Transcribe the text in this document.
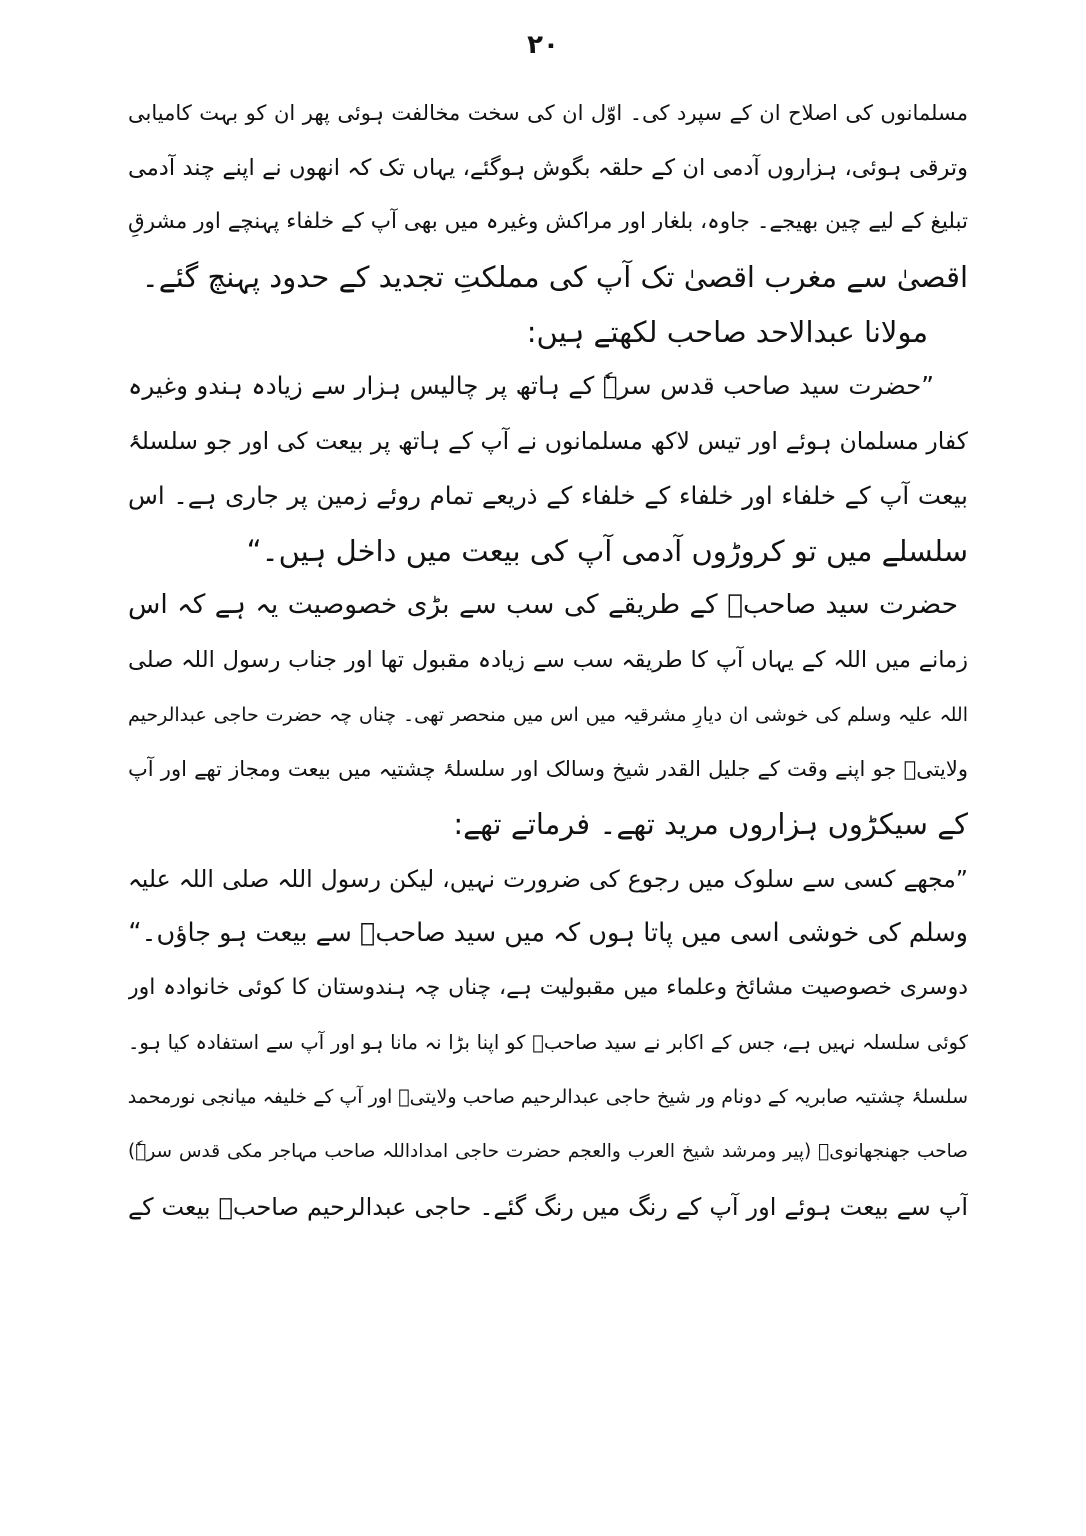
۲۰
مسلمانوں کی اصلاح ان کے سپرد کی۔ اوّل ان کی سخت مخالفت ہوئی پھر ان کو بہت کامیابی
وترقی ہوئی، ہزاروں آدمی ان کے حلقہ بگوش ہوگئے، یہاں تک کہ انھوں نے اپنے چند آدمی
تبلیغ کے لیے چین بھیجے۔ جاوہ، بلغار اور مراکش وغیرہ میں بھی آپ کے خلفاء پہنچے اور مشرقِ
اقصیٰ سے مغرب اقصیٰ تک آپ کی مملکتِ تجدید کے حدود پہنچ گئے۔
مولانا عبدالاحد صاحب لکھتے ہیں:
”حضرت سید صاحب قدس سرہٗ کے ہاتھ پر چالیس ہزار سے زیادہ ہندو وغیرہ
کفار مسلمان ہوئے اور تیس لاکھ مسلمانوں نے آپ کے ہاتھ پر بیعت کی اور جو سلسلۂ
بیعت آپ کے خلفاء اور خلفاء کے خلفاء کے ذریعے تمام روئے زمین پر جاری ہے۔ اس
سلسلے میں تو کروڑوں آدمی آپ کی بیعت میں داخل ہیں۔“
حضرت سید صاحبؒ کے طریقے کی سب سے بڑی خصوصیت یہ ہے کہ اس
زمانے میں اللہ کے یہاں آپ کا طریقہ سب سے زیادہ مقبول تھا اور جناب رسول اللہ صلی
اللہ علیہ وسلم کی خوشی ان دیارِ مشرقیہ میں اس میں منحصر تھی۔ چناں چہ حضرت حاجی عبدالرحیم
ولایتیؒ جو اپنے وقت کے جلیل القدر شیخ وسالک اور سلسلۂ چشتیہ میں بیعت ومجاز تھے اور آپ
کے سیکڑوں ہزاروں مرید تھے۔ فرماتے تھے:
”مجھے کسی سے سلوک میں رجوع کی ضرورت نہیں، لیکن رسول اللہ صلی اللہ علیہ
وسلم کی خوشی اسی میں پاتا ہوں کہ میں سید صاحبؒ سے بیعت ہو جاؤں۔“
دوسری خصوصیت مشائخ وعلماء میں مقبولیت ہے، چناں چہ ہندوستان کا کوئی خانوادہ اور
کوئی سلسلہ نہیں ہے، جس کے اکابر نے سید صاحبؒ کو اپنا بڑا نہ مانا ہو اور آپ سے استفادہ کیا ہو۔
سلسلۂ چشتیہ صابریہ کے دونام ور شیخ حاجی عبدالرحیم صاحب ولایتیؒ اور آپ کے خلیفہ میانجی نورمحمد
صاحب جھنجھانویؒ (پیر ومرشد شیخ العرب والعجم حضرت حاجی امداداللہ صاحب مہاجر مکی قدس سرہٗ)
آپ سے بیعت ہوئے اور آپ کے رنگ میں رنگ گئے۔ حاجی عبدالرحیم صاحبؒ بیعت کے
